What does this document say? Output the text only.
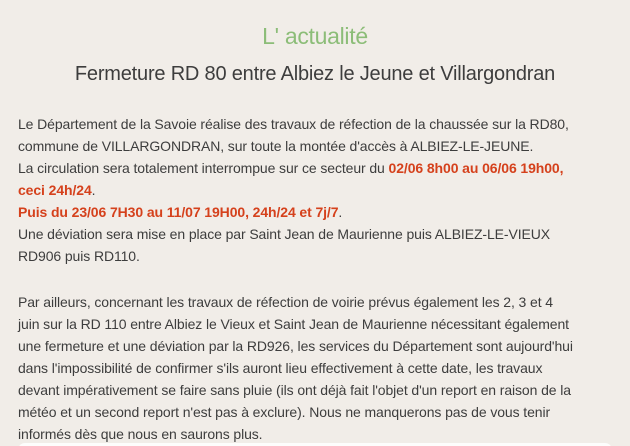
L' actualité
Fermeture RD 80 entre Albiez le Jeune et Villargondran
Le Département de la Savoie réalise des travaux de réfection de la chaussée sur la RD80,
commune de VILLARGONDRAN, sur toute la montée d'accès à ALBIEZ-LE-JEUNE.
La circulation sera totalement interrompue sur ce secteur du 02/06 8h00 au 06/06 19h00,
ceci 24h/24.
Puis du 23/06 7H30 au 11/07 19H00, 24h/24 et 7j/7.
Une déviation sera mise en place par Saint Jean de Maurienne puis ALBIEZ-LE-VIEUX
RD906 puis RD110.
Par ailleurs, concernant les travaux de réfection de voirie prévus également les 2, 3 et 4
juin sur la RD 110 entre Albiez le Vieux et Saint Jean de Maurienne nécessitant également
une fermeture et une déviation par la RD926, les services du Département sont aujourd'hui
dans l'impossibilité de confirmer s'ils auront lieu effectivement à cette date, les travaux
devant impérativement se faire sans pluie (ils ont déjà fait l'objet d'un report en raison de la
météo et un second report n'est pas à exclure). Nous ne manquerons pas de vous tenir
informés dès que nous en saurons plus.
